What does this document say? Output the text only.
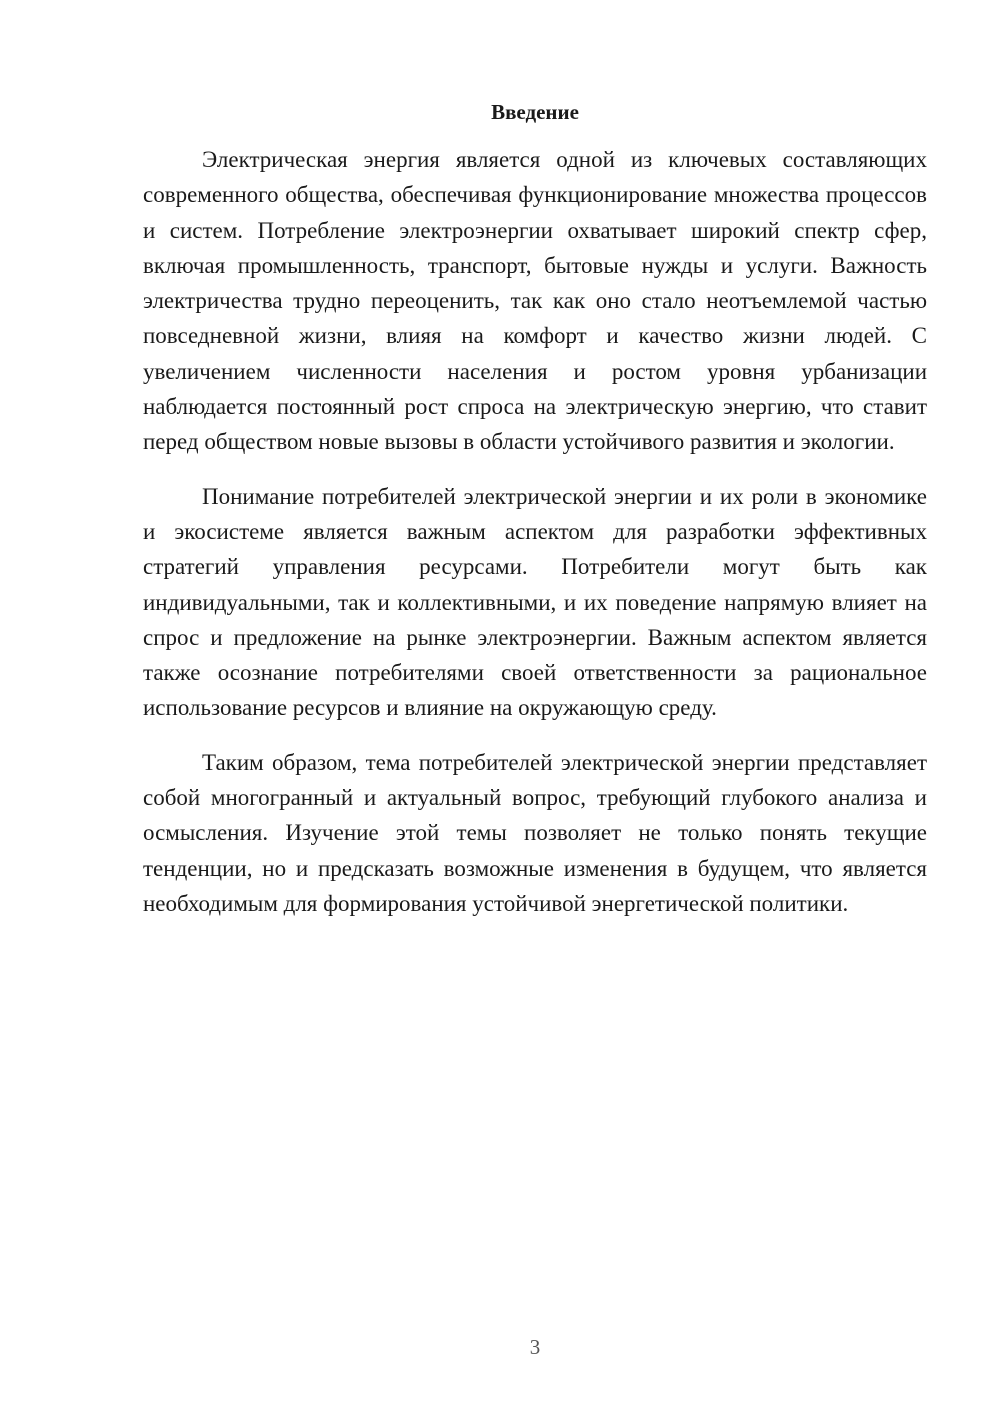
Введение

Электрическая энергия является одной из ключевых составляющих современного общества, обеспечивая функционирование множества процессов и систем. Потребление электроэнергии охватывает широкий спектр сфер, включая промышленность, транспорт, бытовые нужды и услуги. Важность электричества трудно переоценить, так как оно стало неотъемлемой частью повседневной жизни, влияя на комфорт и качество жизни людей. С увеличением численности населения и ростом уровня урбанизации наблюдается постоянный рост спроса на электрическую энергию, что ставит перед обществом новые вызовы в области устойчивого развития и экологии.

Понимание потребителей электрической энергии и их роли в экономике и экосистеме является важным аспектом для разработки эффективных стратегий управления ресурсами. Потребители могут быть как индивидуальными, так и коллективными, и их поведение напрямую влияет на спрос и предложение на рынке электроэнергии. Важным аспектом является также осознание потребителями своей ответственности за рациональное использование ресурсов и влияние на окружающую среду.

Таким образом, тема потребителей электрической энергии представляет собой многогранный и актуальный вопрос, требующий глубокого анализа и осмысления. Изучение этой темы позволяет не только понять текущие тенденции, но и предсказать возможные изменения в будущем, что является необходимым для формирования устойчивой энергетической политики.

3
